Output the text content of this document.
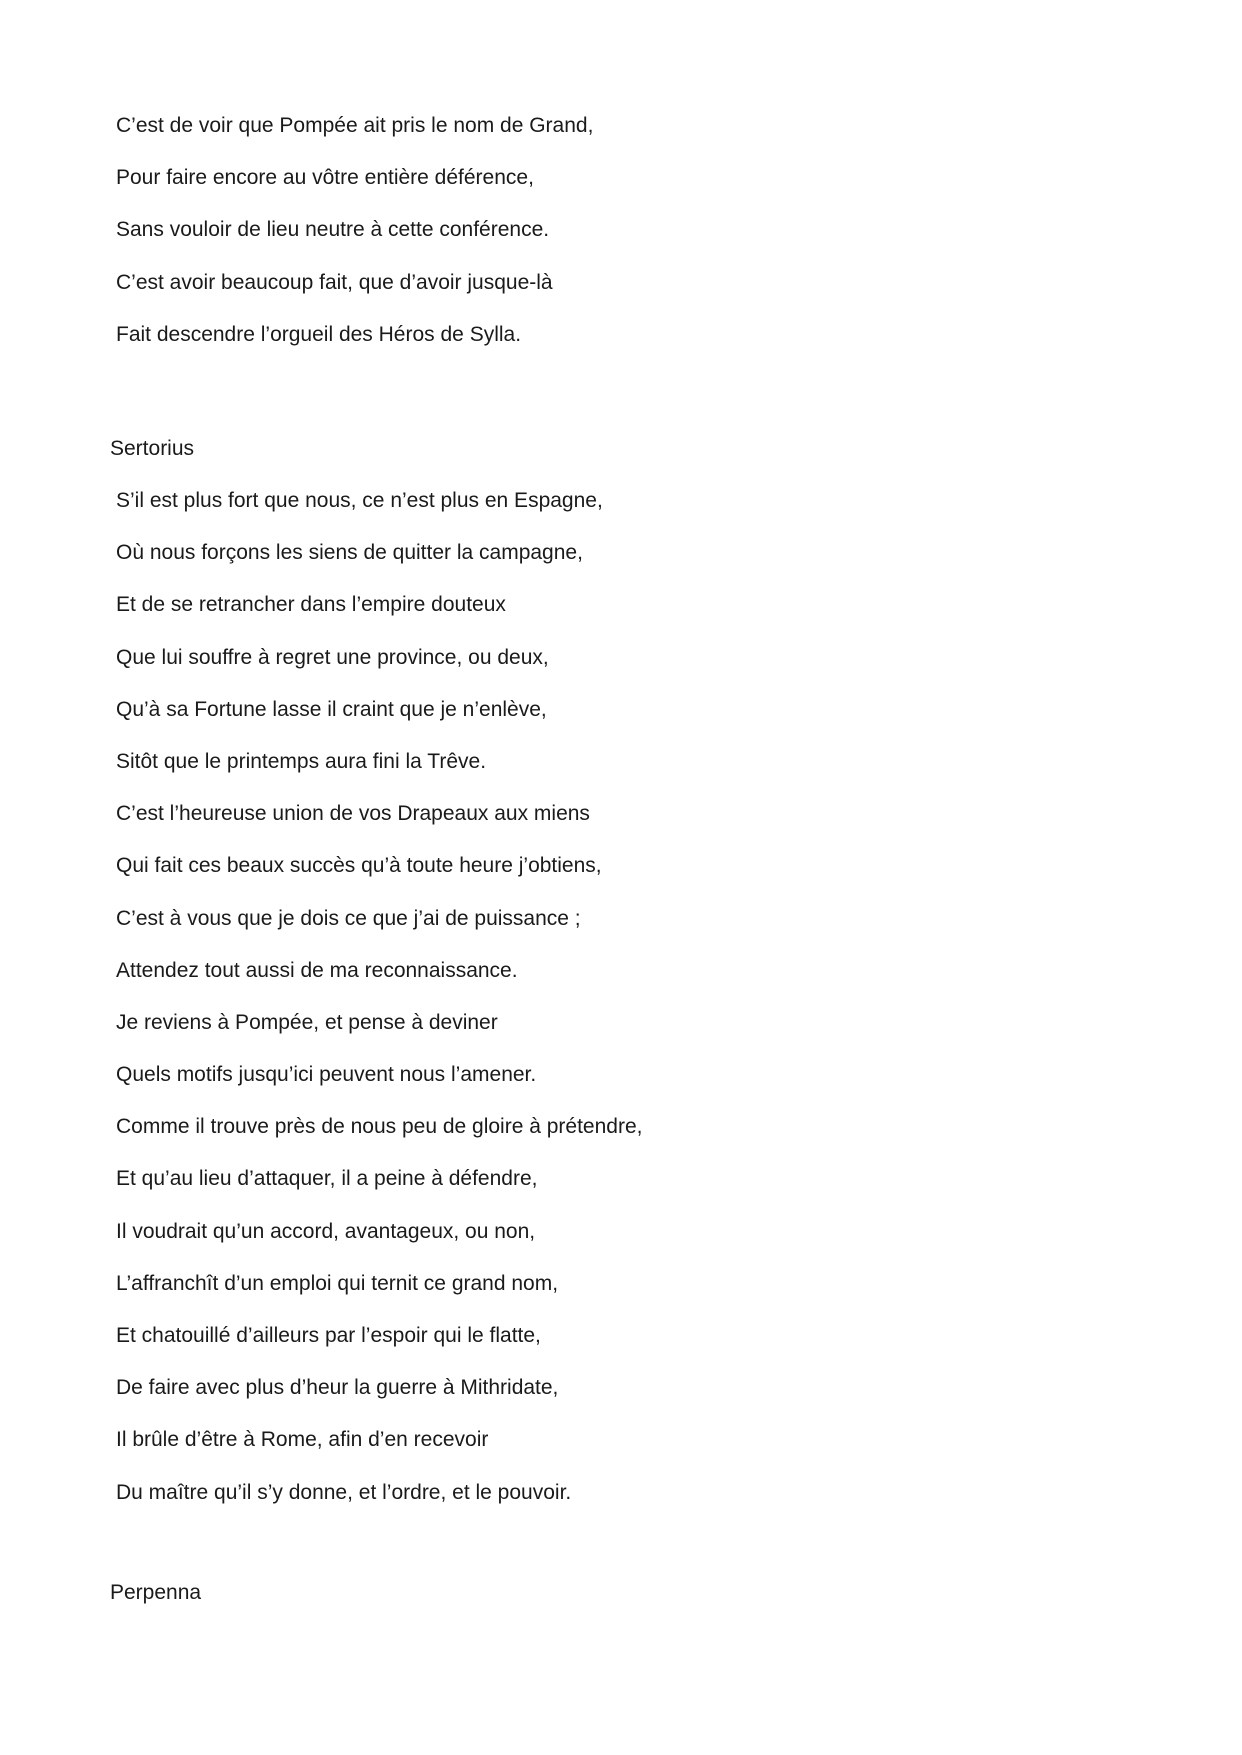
C’est de voir que Pompée ait pris le nom de Grand,
Pour faire encore au vôtre entière déférence,
Sans vouloir de lieu neutre à cette conférence.
C’est avoir beaucoup fait, que d’avoir jusque-là
Fait descendre l’orgueil des Héros de Sylla.
Sertorius
S’il est plus fort que nous, ce n’est plus en Espagne,
Où nous forçons les siens de quitter la campagne,
Et de se retrancher dans l’empire douteux
Que lui souffre à regret une province, ou deux,
Qu’à sa Fortune lasse il craint que je n’enlève,
Sitôt que le printemps aura fini la Trêve.
C’est l’heureuse union de vos Drapeaux aux miens
Qui fait ces beaux succès qu’à toute heure j’obtiens,
C’est à vous que je dois ce que j’ai de puissance ;
Attendez tout aussi de ma reconnaissance.
Je reviens à Pompée, et pense à deviner
Quels motifs jusqu’ici peuvent nous l’amener.
Comme il trouve près de nous peu de gloire à prétendre,
Et qu’au lieu d’attaquer, il a peine à défendre,
Il voudrait qu’un accord, avantageux, ou non,
L’affranchît d’un emploi qui ternit ce grand nom,
Et chatouillé d’ailleurs par l’espoir qui le flatte,
De faire avec plus d’heur la guerre à Mithridate,
Il brûle d’être à Rome, afin d’en recevoir
Du maître qu’il s’y donne, et l’ordre, et le pouvoir.
Perpenna
